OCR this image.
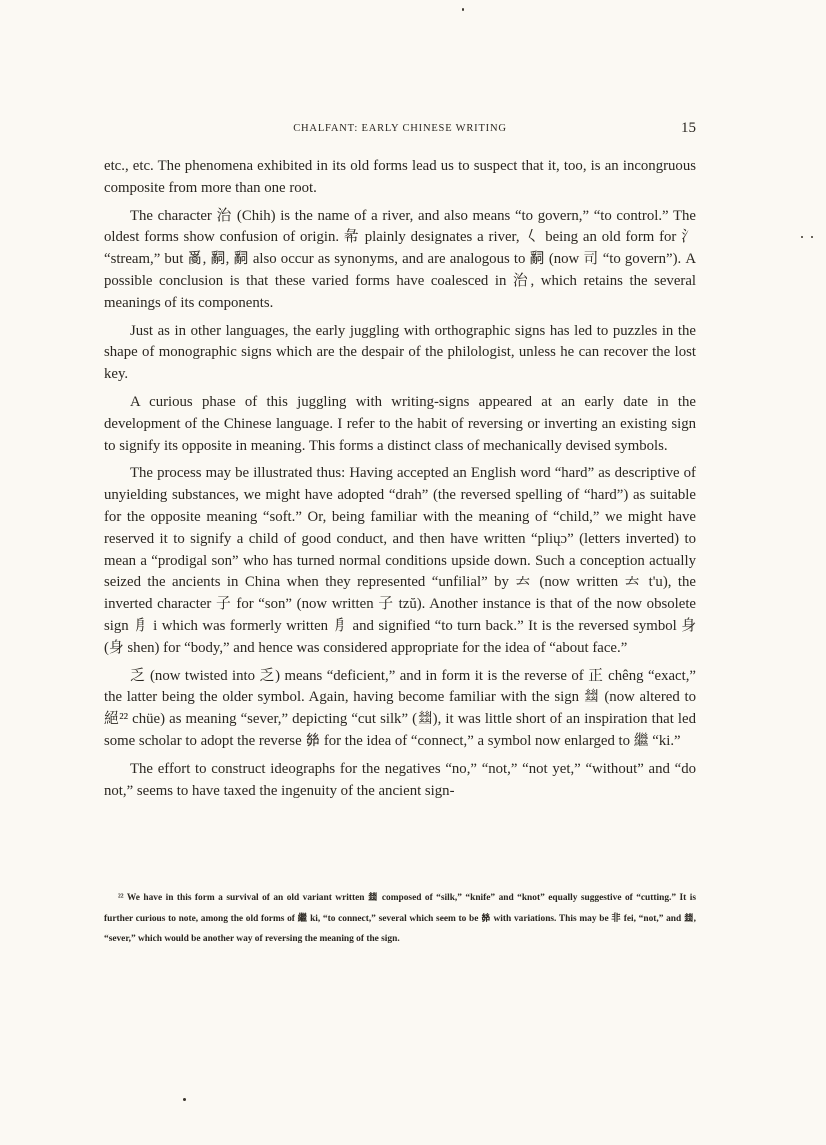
CHALFANT: EARLY CHINESE WRITING	15

etc., etc. The phenomena exhibited in its old forms lead us to suspect that it, too, is an incongruous composite from more than one root.

The character 治 (Chih) is the name of a river, and also means “to govern,” “to control.” The oldest forms show confusion of origin. 㣇 plainly designates a river, 𡿨 being an old form for 氵 “stream,” but 𤔔, 𤔲, 𤔲 also occur as synonyms, and are analogous to 𤔲 (now 司 “to govern”). A possible conclusion is that these varied forms have coalesced in 治, which retains the several meanings of its components.

Just as in other languages, the early juggling with orthographic signs has led to puzzles in the shape of monographic signs which are the despair of the philologist, unless he can recover the lost key.

A curious phase of this juggling with writing-signs appeared at an early date in the development of the Chinese language. I refer to the habit of reversing or inverting an existing sign to signify its opposite in meaning. This forms a distinct class of mechanically devised symbols.

The process may be illustrated thus: Having accepted an English word “hard” as descriptive of unyielding substances, we might have adopted “drah” (the reversed spelling of “hard”) as suitable for the opposite meaning “soft.” Or, being familiar with the meaning of “child,” we might have reserved it to signify a child of good conduct, and then have written “pliųɔ” (letters inverted) to mean a “prodigal son” who has turned normal conditions upside down. Such a conception actually seized the ancients in China when they represented “unfilial” by 𠫓 (now written 𠫓 t'u), the inverted character 子 for “son” (now written 子 tzŭ). Another instance is that of the now obsolete sign 㐆 i which was formerly written 㐆 and signified “to turn back.” It is the reversed symbol 身 (身 shen) for “body,” and hence was considered appropriate for the idea of “about face.”

乏 (now twisted into 乏) means “deficient,” and in form it is the reverse of 正 chêng “exact,” the latter being the older symbol. Again, having become familiar with the sign 𢇍 (now altered to 絕²² chüe) as meaning “sever,” depicting “cut silk” (𢇍), it was little short of an inspiration that led some scholar to adopt the reverse 𢇇 for the idea of “connect,” a symbol now enlarged to 繼 “ki.”

The effort to construct ideographs for the negatives “no,” “not,” “not yet,” “without” and “do not,” seems to have taxed the ingenuity of the ancient sign-

²² We have in this form a survival of an old variant written 𢇍 composed of “silk,” “knife” and “knot” equally suggestive of “cutting.” It is further curious to note, among the old forms of 繼 ki, “to connect,” several which seem to be 𢇇 with variations. This may be 非 fei, “not,” and 𢇍, “sever,” which would be another way of reversing the meaning of the sign.
